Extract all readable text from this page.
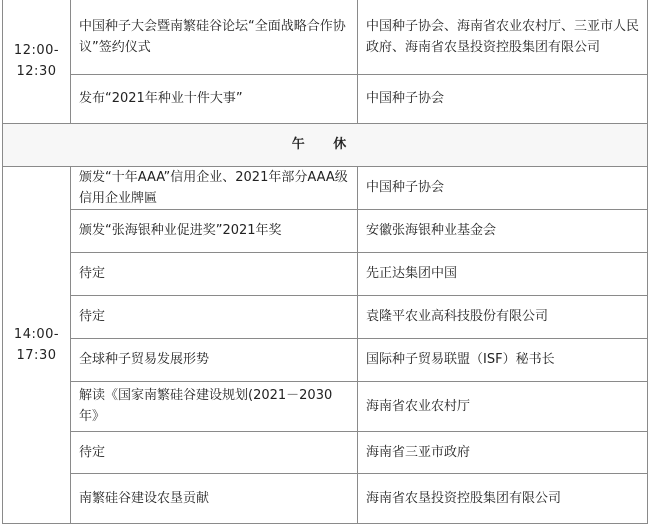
12:00-
12:30	中国种子大会暨南繁硅谷论坛“全面战略合作协议”签约仪式	中国种子协会、海南省农业农村厅、三亚市人民政府、海南省农垦投资控股集团有限公司
	发布“2021年种业十件大事”	中国种子协会
午 休		
14:00-
17:30	颁发“十年AAA”信用企业、2021年部分AAA级信用企业牌匾	中国种子协会
	颁发“张海银种业促进奖”2021年奖	安徽张海银种业基金会
	待定	先正达集团中国
	待定	袁隆平农业高科技股份有限公司
	全球种子贸易发展形势	国际种子贸易联盟（ISF）秘书长
	解读《国家南繁硅谷建设规划(2021－2030年》	海南省农业农村厅
	待定	海南省三亚市政府
	南繁硅谷建设农垦贡献	海南省农垦投资控股集团有限公司
